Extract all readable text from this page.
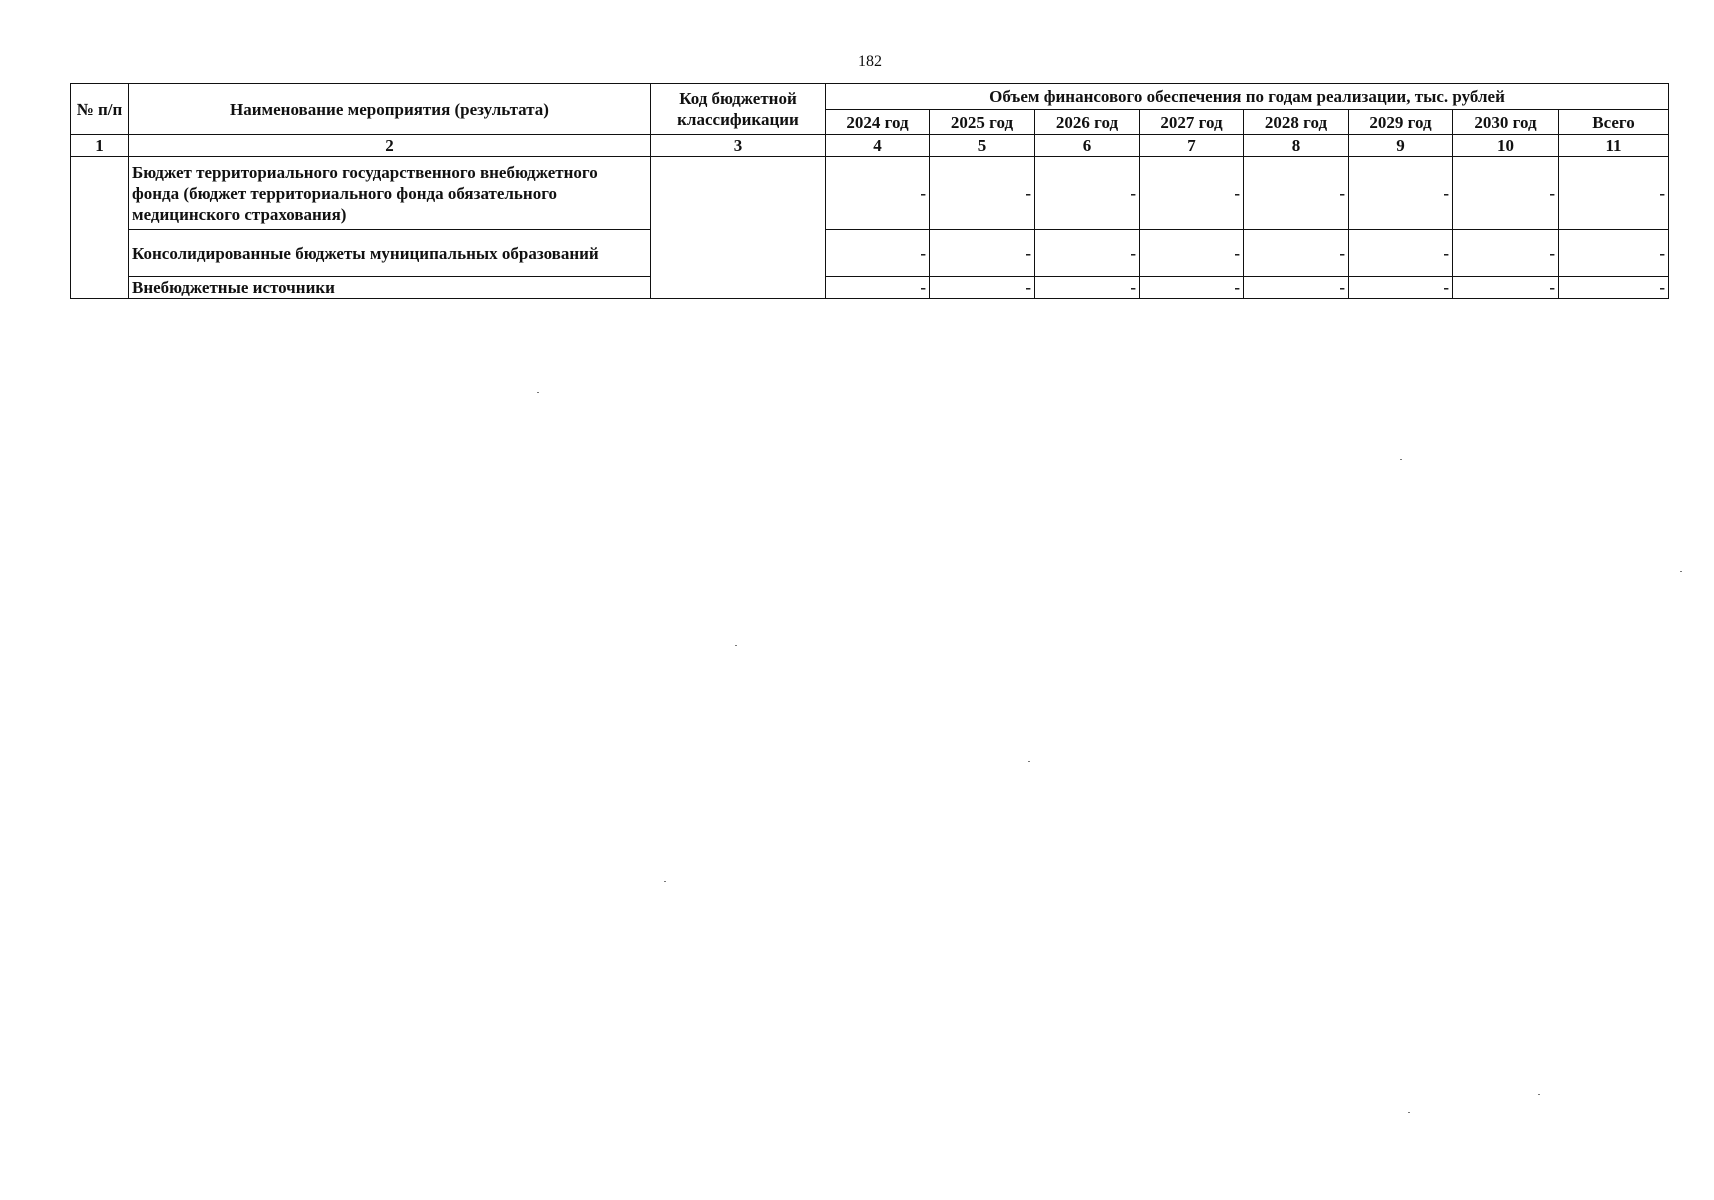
182
№ п/п	Наименование мероприятия (результата)	Код бюджетной классификации	Объем финансового обеспечения по годам реализации, тыс. рублей							
			2024 год	2025 год	2026 год	2027 год	2028 год	2029 год	2030 год	Всего
1	2	3	4	5	6	7	8	9	10	11
	Бюджет территориального государственного внебюджетного фонда (бюджет территориального фонда обязательного медицинского страхования)		-	-	-	-	-	-	-	-
	Консолидированные бюджеты муниципальных образований		-	-	-	-	-	-	-	-
	Внебюджетные источники		-	-	-	-	-	-	-	-
